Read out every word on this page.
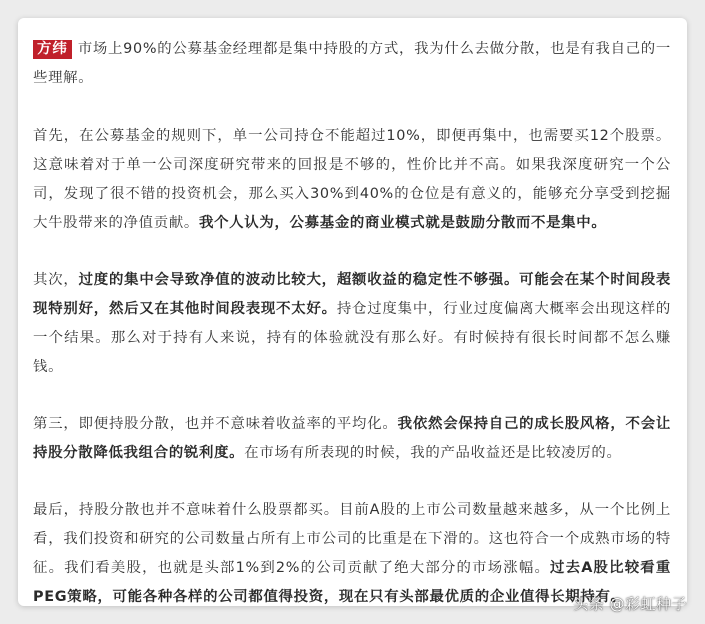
方纬 市场上90%的公募基金经理都是集中持股的方式，我为什么去做分散，也是有我自己的一些理解。

首先，在公募基金的规则下，单一公司持仓不能超过10%，即便再集中，也需要买12个股票。这意味着对于单一公司深度研究带来的回报是不够的，性价比并不高。如果我深度研究一个公司，发现了很不错的投资机会，那么买入30%到40%的仓位是有意义的，能够充分享受到挖掘大牛股带来的净值贡献。我个人认为，公募基金的商业模式就是鼓励分散而不是集中。

其次，过度的集中会导致净值的波动比较大，超额收益的稳定性不够强。可能会在某个时间段表现特别好，然后又在其他时间段表现不太好。持仓过度集中，行业过度偏离大概率会出现这样的一个结果。那么对于持有人来说，持有的体验就没有那么好。有时候持有很长时间都不怎么赚钱。

第三，即便持股分散，也并不意味着收益率的平均化。我依然会保持自己的成长股风格，不会让持股分散降低我组合的锐利度。在市场有所表现的时候，我的产品收益还是比较凌厉的。

最后，持股分散也并不意味着什么股票都买。目前A股的上市公司数量越来越多，从一个比例上看，我们投资和研究的公司数量占所有上市公司的比重是在下滑的。这也符合一个成熟市场的特征。我们看美股，也就是头部1%到2%的公司贡献了绝大部分的市场涨幅。过去A股比较看重PEG策略，可能各种各样的公司都值得投资，现在只有头部最优质的企业值得长期持有。

头条 @彩虹种子
